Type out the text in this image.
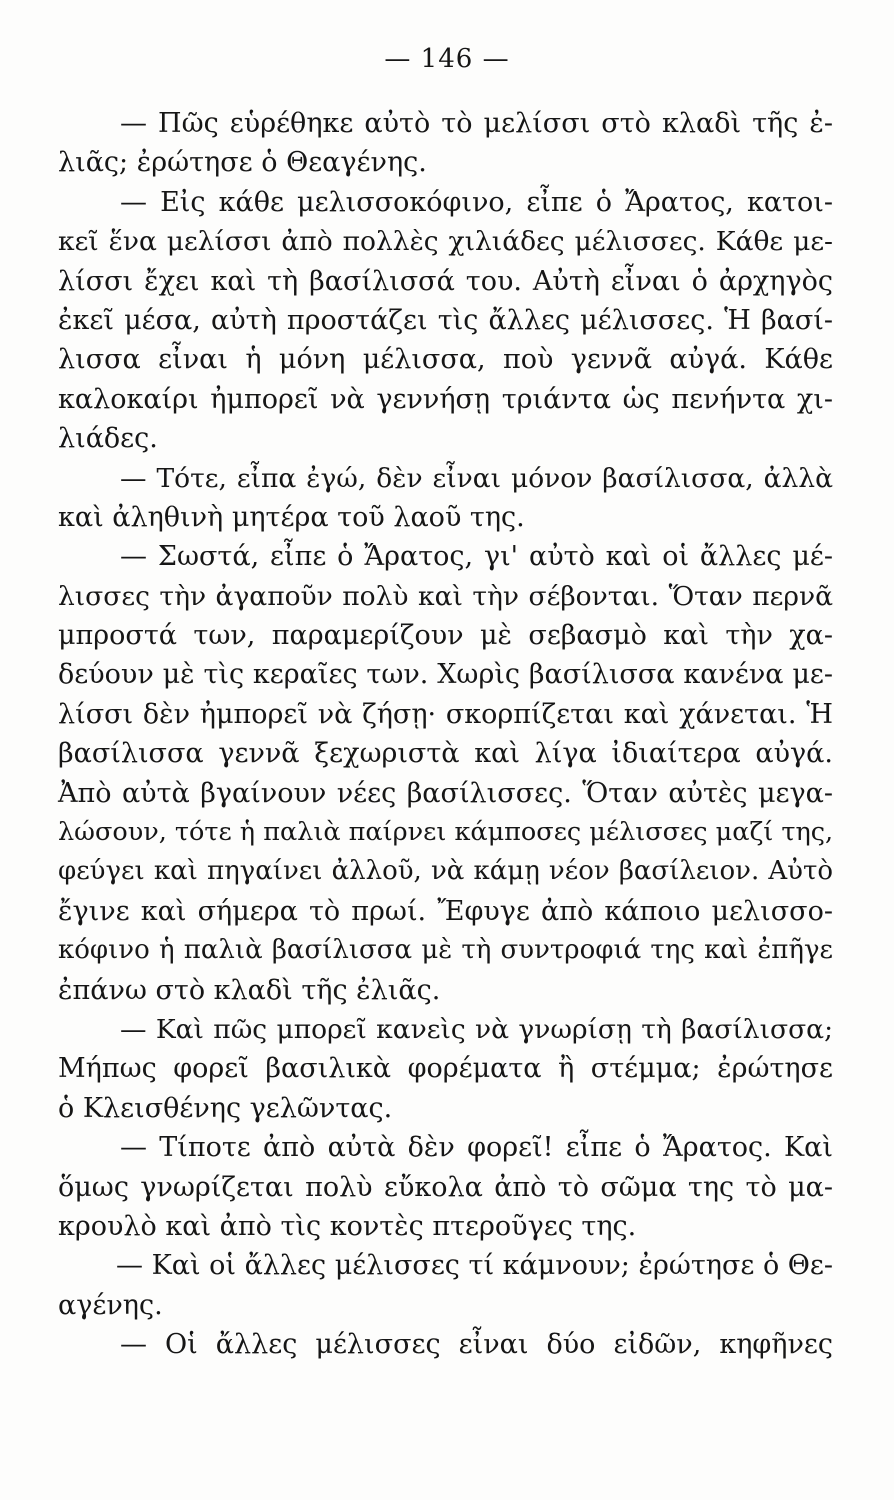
— 146 —
— Πῶς εὑρέθηκε αὐτὸ τὸ μελίσσι στὸ κλαδὶ τῆς ἐ-
λιᾶς; ἐρώτησε ὁ Θεαγένης.
— Εἰς κάθε μελισσοκόφινο, εἶπε ὁ Ἄρατος, κατοι-
κεῖ ἕνα μελίσσι ἀπὸ πολλὲς χιλιάδες μέλισσες. Κάθε με-
λίσσι ἔχει καὶ τὴ βασίλισσά του. Αὐτὴ εἶναι ὁ ἀρχηγὸς
ἐκεῖ μέσα, αὐτὴ προστάζει τὶς ἄλλες μέλισσες. Ἡ βασί-
λισσα εἶναι ἡ μόνη μέλισσα, ποὺ γεννᾶ αὐγά. Κάθε
καλοκαίρι ἠμπορεῖ νὰ γεννήσῃ τριάντα ὡς πενήντα χι-
λιάδες.
— Τότε, εἶπα ἐγώ, δὲν εἶναι μόνον βασίλισσα, ἀλλὰ
καὶ ἀληθινὴ μητέρα τοῦ λαοῦ της.
— Σωστά, εἶπε ὁ Ἄρατος, γι' αὐτὸ καὶ οἱ ἄλλες μέ-
λισσες τὴν ἀγαποῦν πολὺ καὶ τὴν σέβονται. Ὅταν περνᾶ
μπροστά των, παραμερίζουν μὲ σεβασμὸ καὶ τὴν χα-
δεύουν μὲ τὶς κεραῖες των. Χωρὶς βασίλισσα κανένα με-
λίσσι δὲν ἠμπορεῖ νὰ ζήσῃ· σκορπίζεται καὶ χάνεται. Ἡ
βασίλισσα γεννᾶ ξεχωριστὰ καὶ λίγα ἰδιαίτερα αὐγά.
Ἀπὸ αὐτὰ βγαίνουν νέες βασίλισσες. Ὅταν αὐτὲς μεγα-
λώσουν, τότε ἡ παλιὰ παίρνει κάμποσες μέλισσες μαζί της,
φεύγει καὶ πηγαίνει ἀλλοῦ, νὰ κάμῃ νέον βασίλειον. Αὐτὸ
ἔγινε καὶ σήμερα τὸ πρωί. Ἔφυγε ἀπὸ κάποιο μελισσο-
κόφινο ἡ παλιὰ βασίλισσα μὲ τὴ συντροφιά της καὶ ἐπῆγε
ἐπάνω στὸ κλαδὶ τῆς ἐλιᾶς.
— Καὶ πῶς μπορεῖ κανεὶς νὰ γνωρίσῃ τὴ βασίλισσα;
Μήπως φορεῖ βασιλικὰ φορέματα ἢ στέμμα; ἐρώτησε
ὁ Κλεισθένης γελῶντας.
— Τίποτε ἀπὸ αὐτὰ δὲν φορεῖ! εἶπε ὁ Ἄρατος. Καὶ
ὅμως γνωρίζεται πολὺ εὔκολα ἀπὸ τὸ σῶμα της τὸ μα-
κρουλὸ καὶ ἀπὸ τὶς κοντὲς πτεροῦγες της.
— Καὶ οἱ ἄλλες μέλισσες τί κάμνουν; ἐρώτησε ὁ Θε-
αγένης.
— Οἱ ἄλλες μέλισσες εἶναι δύο εἰδῶν, κηφῆνες
